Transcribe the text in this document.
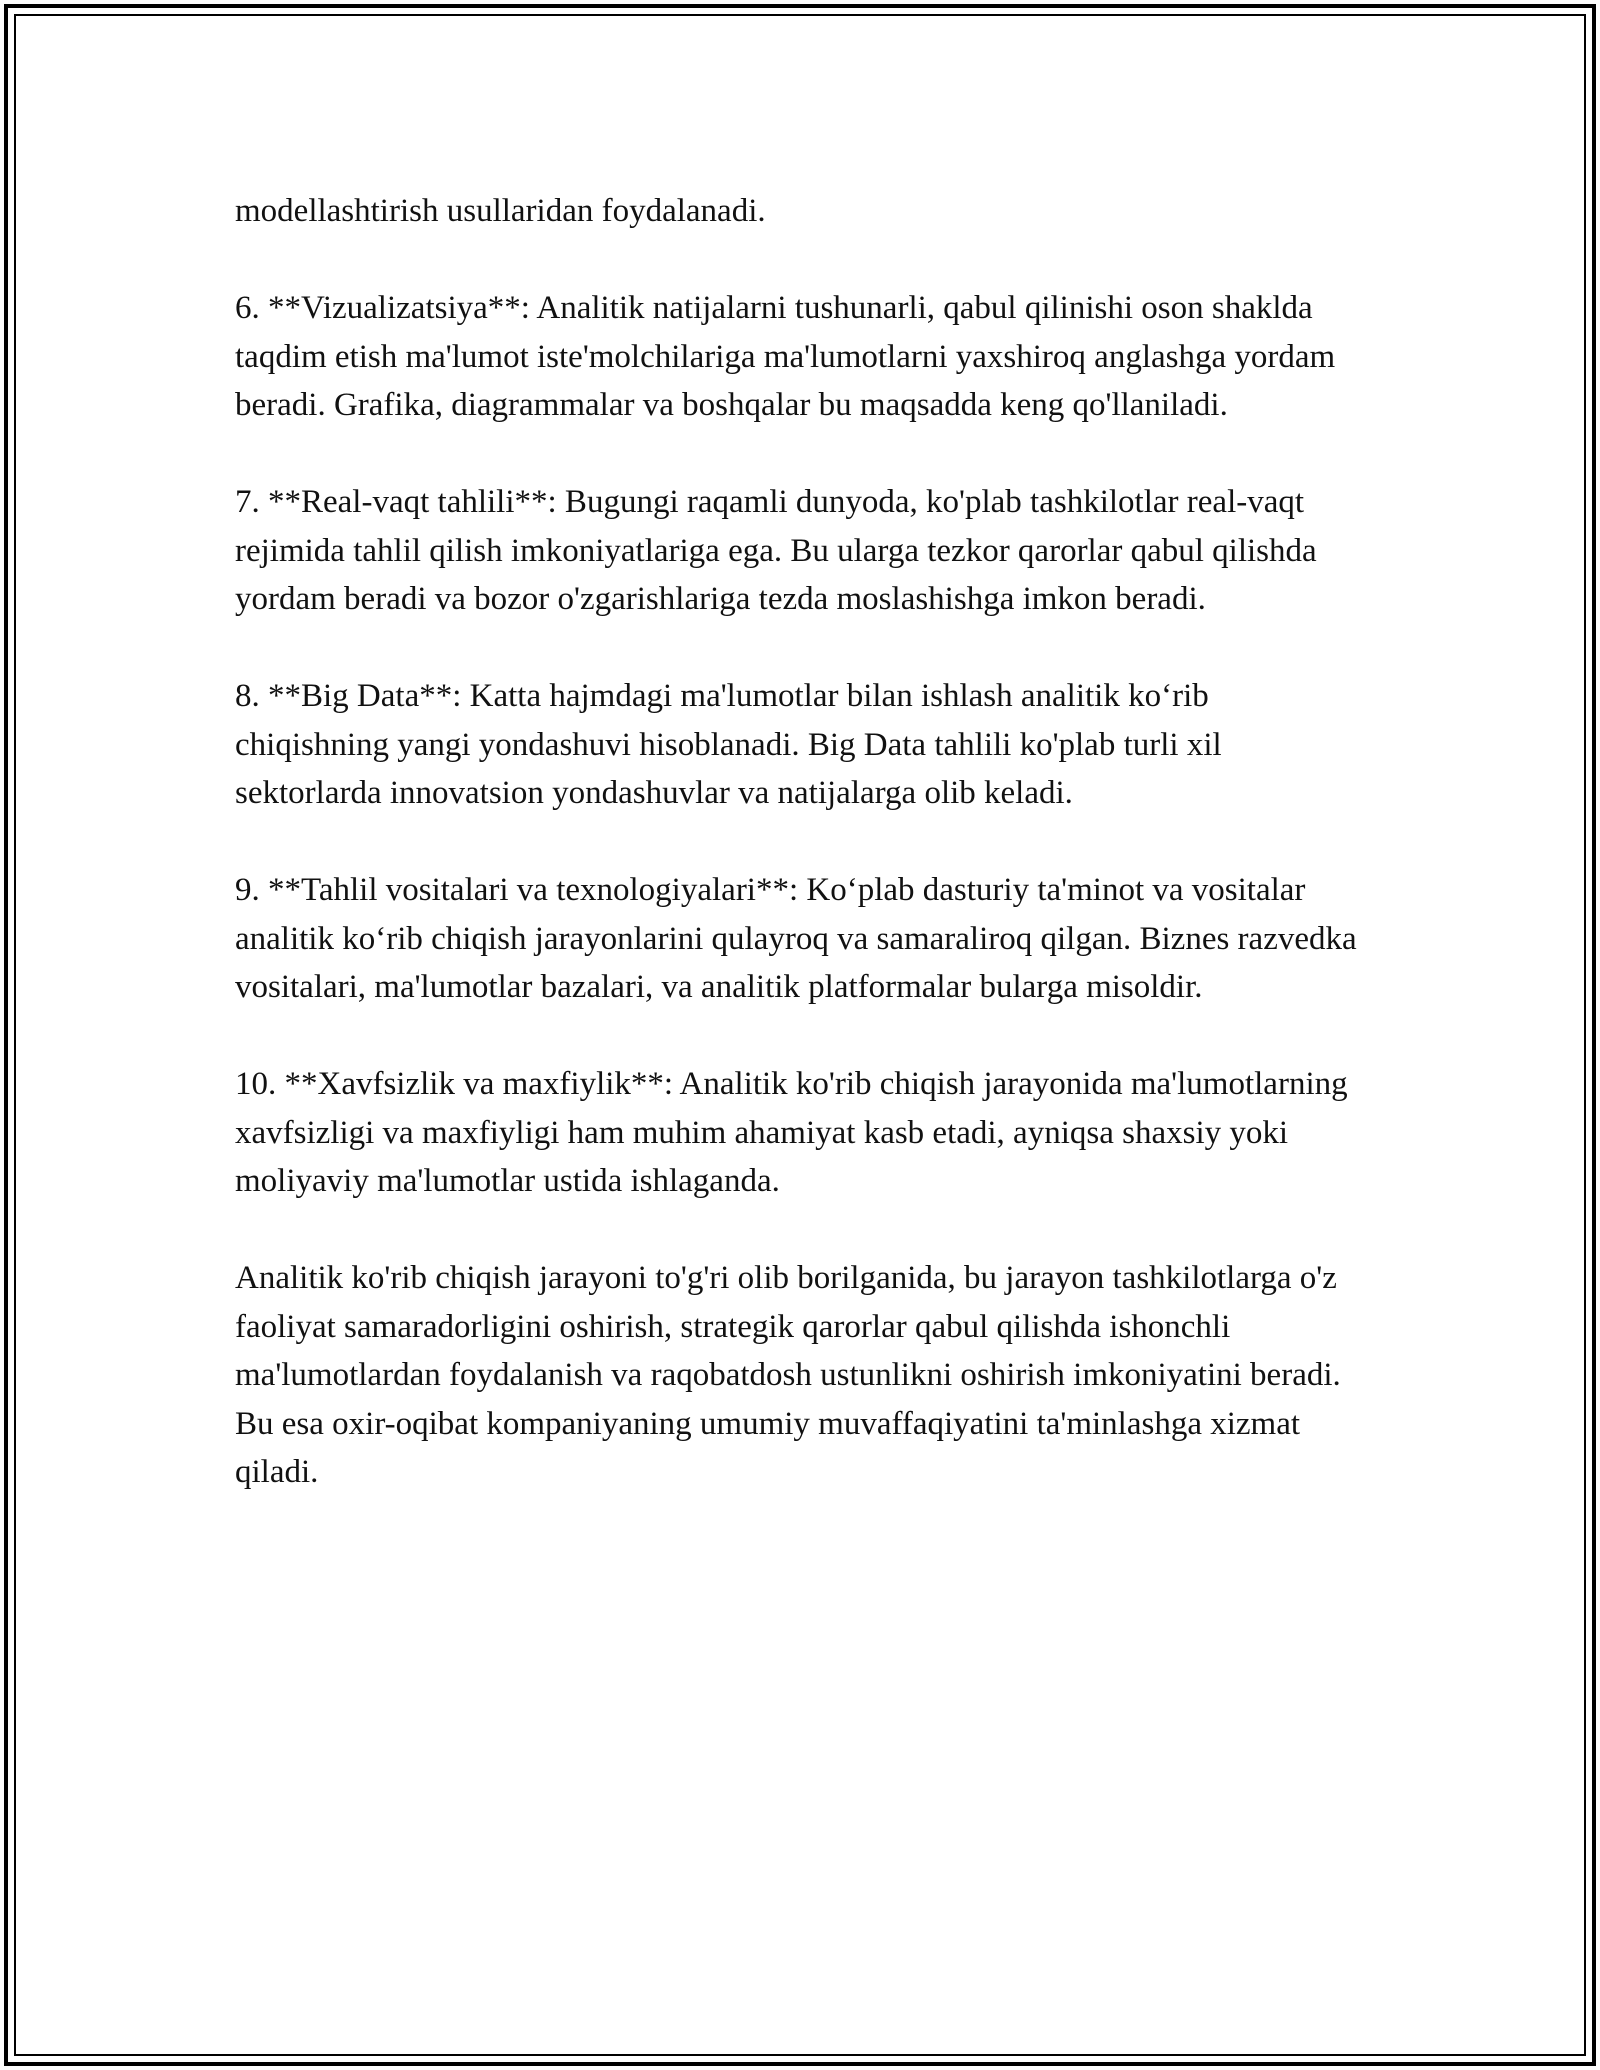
modellashtirish usullaridan foydalanadi.

6. **Vizualizatsiya**: Analitik natijalarni tushunarli, qabul qilinishi oson shaklda taqdim etish ma'lumot iste'molchilariga ma'lumotlarni yaxshiroq anglashga yordam beradi. Grafika, diagrammalar va boshqalar bu maqsadda keng qo'llaniladi.

7. **Real-vaqt tahlili**: Bugungi raqamli dunyoda, ko'plab tashkilotlar real-vaqt rejimida tahlil qilish imkoniyatlariga ega. Bu ularga tezkor qarorlar qabul qilishda yordam beradi va bozor o'zgarishlariga tezda moslashishga imkon beradi.

8. **Big Data**: Katta hajmdagi ma'lumotlar bilan ishlash analitik ko‘rib chiqishning yangi yondashuvi hisoblanadi. Big Data tahlili ko'plab turli xil sektorlarda innovatsion yondashuvlar va natijalarga olib keladi.

9. **Tahlil vositalari va texnologiyalari**: Ko‘plab dasturiy ta'minot va vositalar analitik ko‘rib chiqish jarayonlarini qulayroq va samaraliroq qilgan. Biznes razvedka vositalari, ma'lumotlar bazalari, va analitik platformalar bularga misoldir.

10. **Xavfsizlik va maxfiylik**: Analitik ko'rib chiqish jarayonida ma'lumotlarning xavfsizligi va maxfiyligi ham muhim ahamiyat kasb etadi, ayniqsa shaxsiy yoki moliyaviy ma'lumotlar ustida ishlaganda.

Analitik ko'rib chiqish jarayoni to'g'ri olib borilganida, bu jarayon tashkilotlarga o'z faoliyat samaradorligini oshirish, strategik qarorlar qabul qilishda ishonchli ma'lumotlardan foydalanish va raqobatdosh ustunlikni oshirish imkoniyatini beradi. Bu esa oxir-oqibat kompaniyaning umumiy muvaffaqiyatini ta'minlashga xizmat qiladi.
